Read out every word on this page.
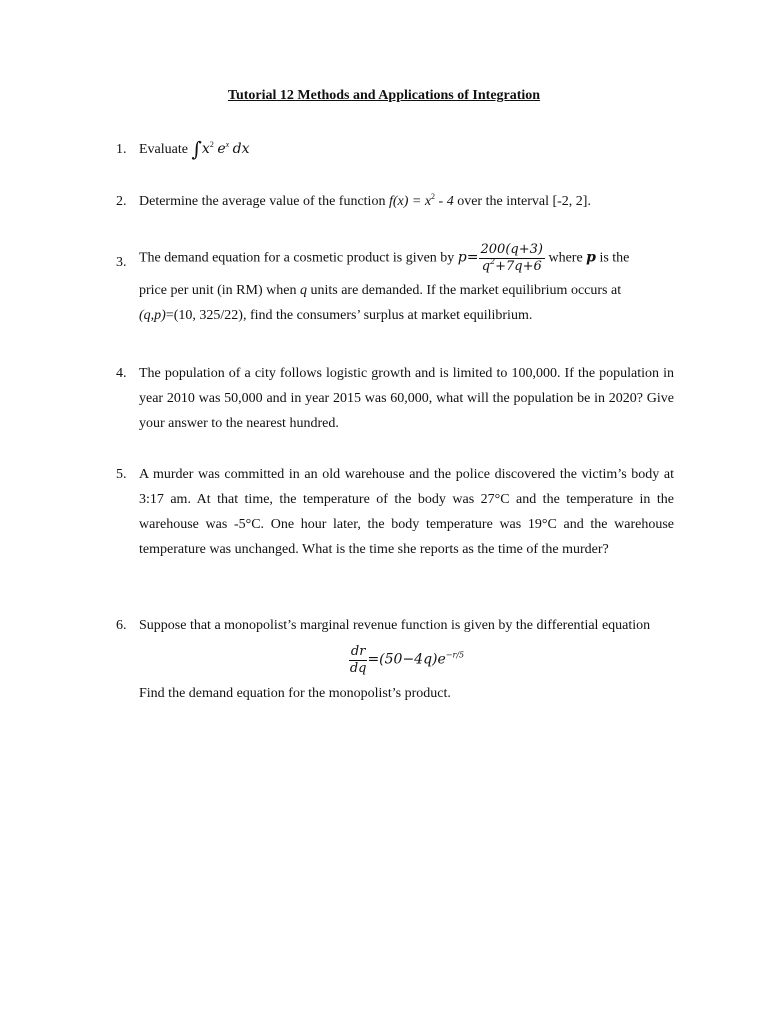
Tutorial 12 Methods and Applications of Integration
1. Evaluate $\int x^2$ $e^x$ dx
2. Determine the average value of the function $f(x) = x^2 - 4$ over the interval [-2, 2].
3. The demand equation for a cosmetic product is given by $p= \frac{200(q+3)}{q^2+7q+6}$ where p is the
price per unit (in RM) when q units are demanded. If the market equilibrium occurs at
(q,p)=(10, 325/22), find the consumers’ surplus at market equilibrium.
4. The population of a city follows logistic growth and is limited to 100,000. If the population in year 2010 was 50,000 and in year 2015 was 60,000, what will the population be in 2020? Give your answer to the nearest hundred.
5. A murder was committed in an old warehouse and the police discovered the victim’s body at 3:17 am. At that time, the temperature of the body was 27°C and the temperature in the warehouse was -5°C. One hour later, the body temperature was 19°C and the warehouse temperature was unchanged. What is the time she reports as the time of the murder?
6. Suppose that a monopolist’s marginal revenue function is given by the differential equation
$\frac{dr}{dq} =(50-4q)e^{-r/5}$
Find the demand equation for the monopolist’s product.
